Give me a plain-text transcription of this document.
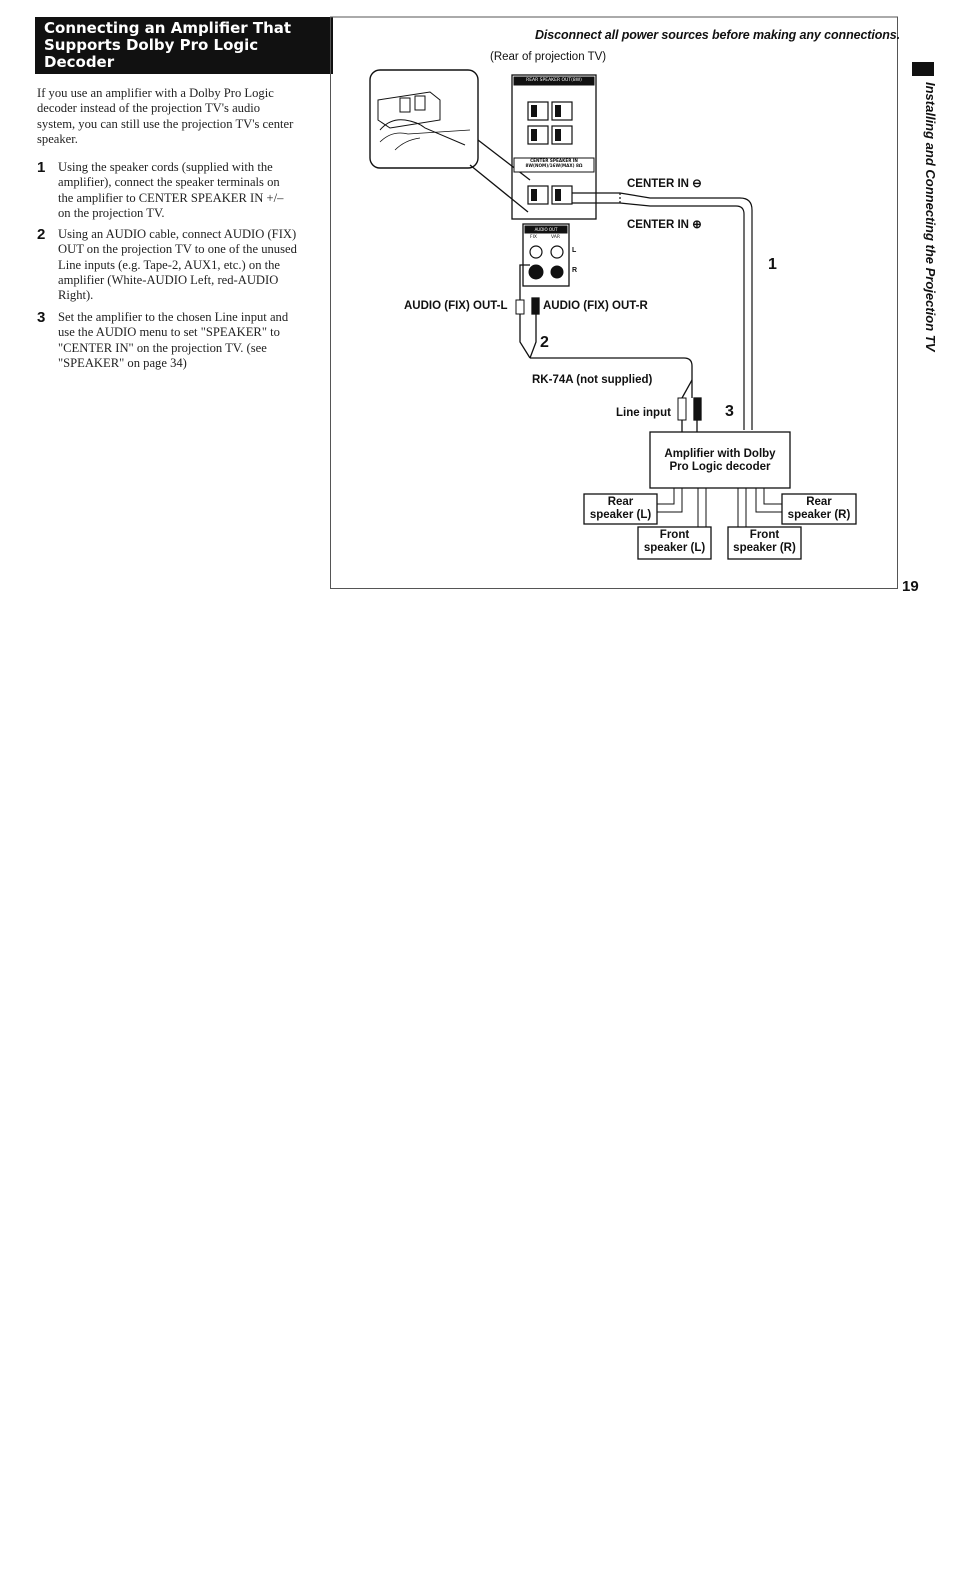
Connecting an Amplifier That
Supports Dolby Pro Logic
Decoder
If you use an amplifier with a Dolby Pro Logic
decoder instead of the projection TV's audio
system, you can still use the projection TV's center
speaker.
1 Using the speaker cords (supplied with the
amplifier), connect the speaker terminals on
the amplifier to CENTER SPEAKER IN +/–
on the projection TV.
2 Using an AUDIO cable, connect AUDIO (FIX)
OUT on the projection TV to one of the unused
Line inputs (e.g. Tape-2, AUX1, etc.) on the
amplifier (White-AUDIO Left, red-AUDIO
Right).
3 Set the amplifier to the chosen Line input and
use the AUDIO menu to set "SPEAKER" to
"CENTER IN" on the projection TV. (see
"SPEAKER" on page 34)
Disconnect all power sources before making any connections.
(Rear of projection TV)
CENTER IN ⊖
CENTER IN ⊕
AUDIO (FIX) OUT-L	AUDIO (FIX) OUT-R
RK-74A (not supplied)
Line input
1
2
3
Amplifier with Dolby
Pro Logic decoder
Rear
speaker (L)
Rear
speaker (R)
Front
speaker (L)
Front
speaker (R)
REAR SPEAKER OUT(8W)
CENTER SPEAKER IN
8W(NOM)/16W(MAX) 8Ω
AUDIO OUT
FIX	VAR
L
R	Installing and Connecting the Projection TV
19
